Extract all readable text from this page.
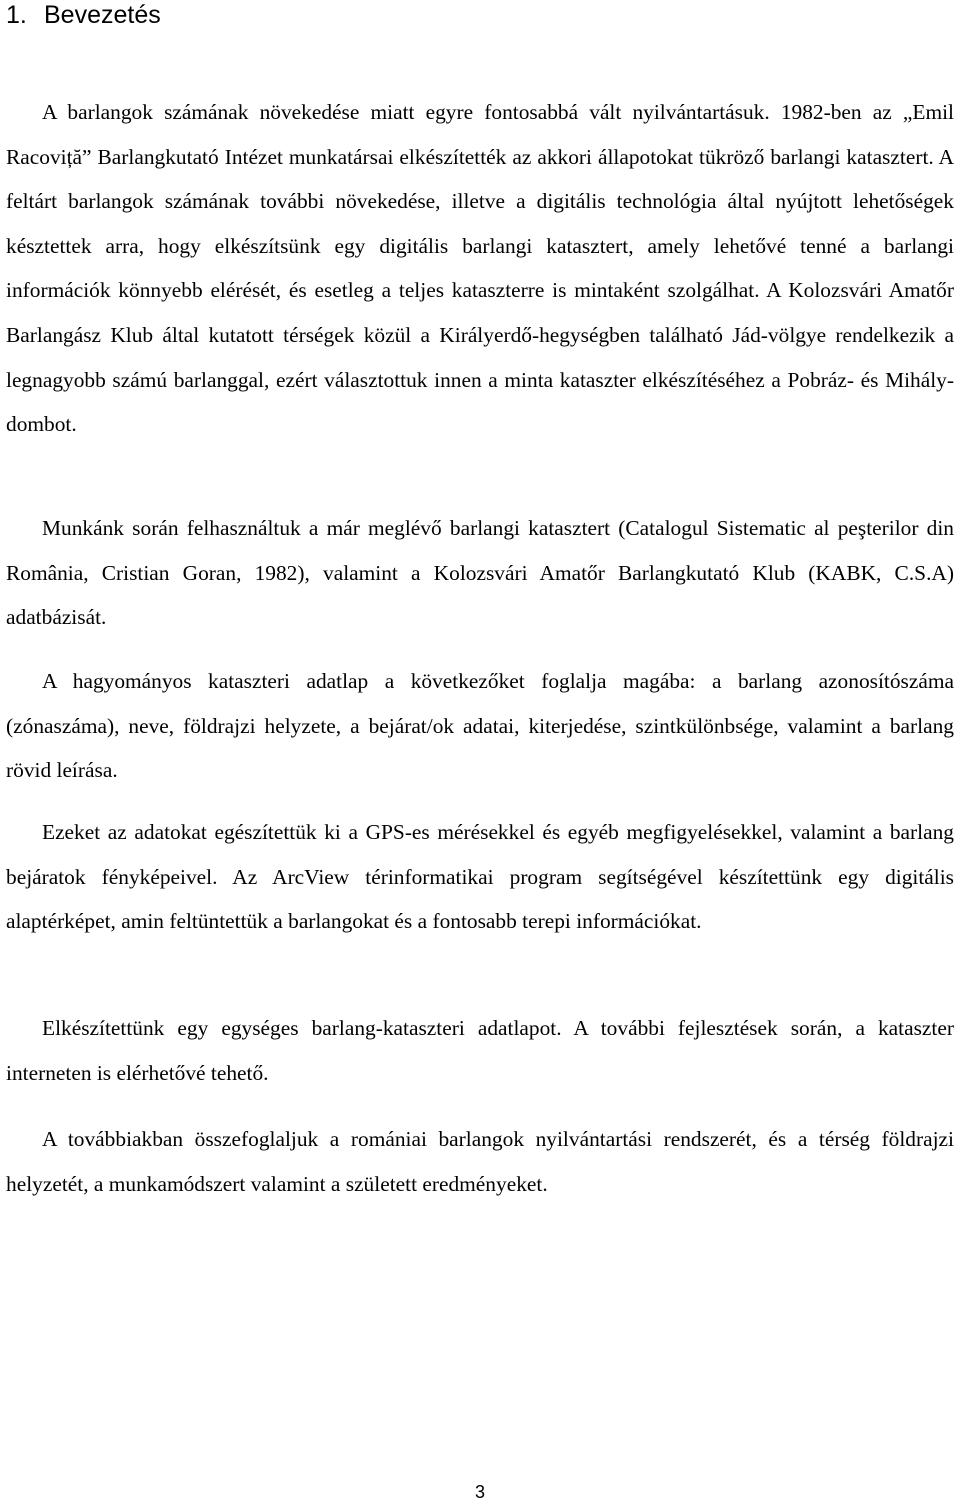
1. Bevezetés

A barlangok számának növekedése miatt egyre fontosabbá vált nyilvántartásuk. 1982-ben az „Emil Racoviță” Barlangkutató Intézet munkatársai elkészítették az akkori állapotokat tükröző barlangi katasztert. A feltárt barlangok számának további növekedése, illetve a digitális technológia által nyújtott lehetőségek késztettek arra, hogy elkészítsünk egy digitális barlangi katasztert, amely lehetővé tenné a barlangi információk könnyebb elérését, és esetleg a teljes kataszterre is mintaként szolgálhat. A Kolozsvári Amatőr Barlangász Klub által kutatott térségek közül a Királyerdő-hegységben található Jád-völgye rendelkezik a legnagyobb számú barlanggal, ezért választottuk innen a minta kataszter elkészítéséhez a Pobráz- és Mihály-dombot.

Munkánk során felhasználtuk a már meglévő barlangi katasztert (Catalogul Sistematic al peşterilor din România, Cristian Goran, 1982), valamint a Kolozsvári Amatőr Barlangkutató Klub (KABK, C.S.A) adatbázisát.

A hagyományos kataszteri adatlap a következőket foglalja magába: a barlang azonosítószáma (zónaszáma), neve, földrajzi helyzete, a bejárat/ok adatai, kiterjedése, szintkülönbsége, valamint a barlang rövid leírása.

Ezeket az adatokat egészítettük ki a GPS-es mérésekkel és egyéb megfigyelésekkel, valamint a barlang bejáratok fényképeivel. Az ArcView térinformatikai program segítségével készítettünk egy digitális alaptérképet, amin feltüntettük a barlangokat és a fontosabb terepi információkat.

Elkészítettünk egy egységes barlang-kataszteri adatlapot. A további fejlesztések során, a kataszter interneten is elérhetővé tehető.

A továbbiakban összefoglaljuk a romániai barlangok nyilvántartási rendszerét, és a térség földrajzi helyzetét, a munkamódszert valamint a született eredményeket.

3
